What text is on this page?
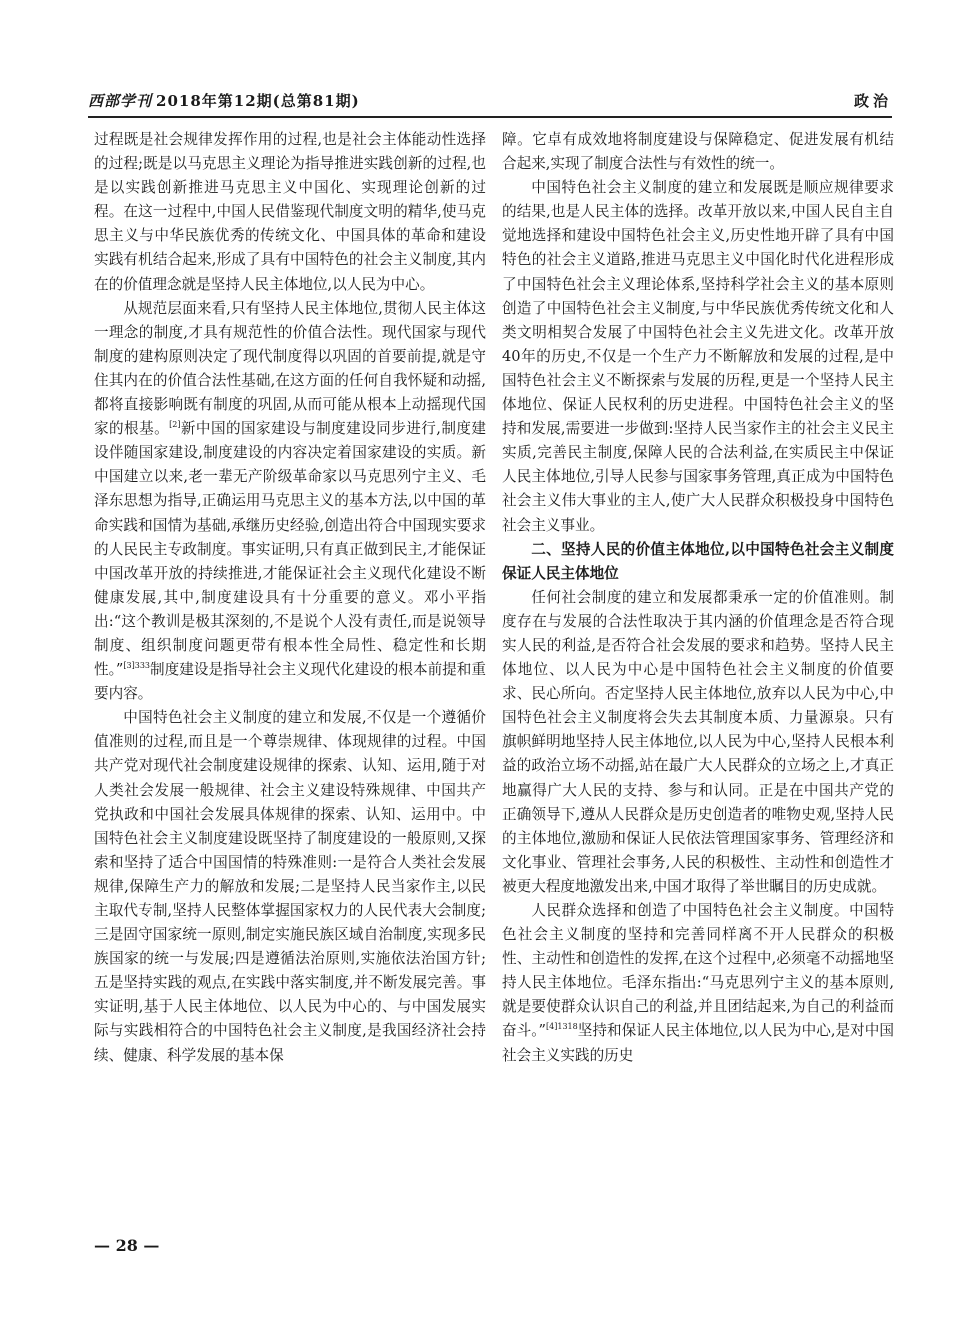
西部学刊 2018年第12期(总第81期)	政治

过程既是社会规律发挥作用的过程,也是社会主体能动性选择的过程;既是以马克思主义理论为指导推进实践创新的过程,也是以实践创新推进马克思主义中国化、实现理论创新的过程。在这一过程中,中国人民借鉴现代制度文明的精华,使马克思主义与中华民族优秀的传统文化、中国具体的革命和建设实践有机结合起来,形成了具有中国特色的社会主义制度,其内在的价值理念就是坚持人民主体地位,以人民为中心。

从规范层面来看,只有坚持人民主体地位,贯彻人民主体这一理念的制度,才具有规范性的价值合法性。现代国家与现代制度的建构原则决定了现代制度得以巩固的首要前提,就是守住其内在的价值合法性基础,在这方面的任何自我怀疑和动摇,都将直接影响既有制度的巩固,从而可能从根本上动摇现代国家的根基。[2]新中国的国家建设与制度建设同步进行,制度建设伴随国家建设,制度建设的内容决定着国家建设的实质。新中国建立以来,老一辈无产阶级革命家以马克思列宁主义、毛泽东思想为指导,正确运用马克思主义的基本方法,以中国的革命实践和国情为基础,承继历史经验,创造出符合中国现实要求的人民民主专政制度。事实证明,只有真正做到民主,才能保证中国改革开放的持续推进,才能保证社会主义现代化建设不断健康发展,其中,制度建设具有十分重要的意义。邓小平指出:“这个教训是极其深刻的,不是说个人没有责任,而是说领导制度、组织制度问题更带有根本性全局性、稳定性和长期性。”$^{[3]333}$制度建设是指导社会主义现代化建设的根本前提和重要内容。

中国特色社会主义制度的建立和发展,不仅是一个遵循价值准则的过程,而且是一个尊崇规律、体现规律的过程。中国共产党对现代社会制度建设规律的探索、认知、运用,随于对人类社会发展一般规律、社会主义建设特殊规律、中国共产党执政和中国社会发展具体规律的探索、认知、运用中。中国特色社会主义制度建设既坚持了制度建设的一般原则,又探索和坚持了适合中国国情的特殊准则:一是符合人类社会发展规律,保障生产力的解放和发展;二是坚持人民当家作主,以民主取代专制,坚持人民整体掌握国家权力的人民代表大会制度;三是固守国家统一原则,制定实施民族区域自治制度,实现多民族国家的统一与发展;四是遵循法治原则,实施依法治国方针;五是坚持实践的观点,在实践中落实制度,并不断发展完善。事实证明,基于人民主体地位、以人民为中心的、与中国发展实际与实践相符合的中国特色社会主义制度,是我国经济社会持续、健康、科学发展的基本保

障。它卓有成效地将制度建设与保障稳定、促进发展有机结合起来,实现了制度合法性与有效性的统一。

中国特色社会主义制度的建立和发展既是顺应规律要求的结果,也是人民主体的选择。改革开放以来,中国人民自主自觉地选择和建设中国特色社会主义,历史性地开辟了具有中国特色的社会主义道路,推进马克思主义中国化时代化进程形成了中国特色社会主义理论体系,坚持科学社会主义的基本原则创造了中国特色社会主义制度,与中华民族优秀传统文化和人类文明相契合发展了中国特色社会主义先进文化。改革开放40年的历史,不仅是一个生产力不断解放和发展的过程,是中国特色社会主义不断探索与发展的历程,更是一个坚持人民主体地位、保证人民权利的历史进程。中国特色社会主义的坚持和发展,需要进一步做到:坚持人民当家作主的社会主义民主实质,完善民主制度,保障人民的合法利益,在实质民主中保证人民主体地位,引导人民参与国家事务管理,真正成为中国特色社会主义伟大事业的主人,使广大人民群众积极投身中国特色社会主义事业。

二、坚持人民的价值主体地位,以中国特色社会主义制度保证人民主体地位

任何社会制度的建立和发展都秉承一定的价值准则。制度存在与发展的合法性取决于其内涵的价值理念是否符合现实人民的利益,是否符合社会发展的要求和趋势。坚持人民主体地位、以人民为中心是中国特色社会主义制度的价值要求、民心所向。否定坚持人民主体地位,放弃以人民为中心,中国特色社会主义制度将会失去其制度本质、力量源泉。只有旗帜鲜明地坚持人民主体地位,以人民为中心,坚持人民根本利益的政治立场不动摇,站在最广大人民群众的立场之上,才真正地赢得广大人民的支持、参与和认同。正是在中国共产党的正确领导下,遵从人民群众是历史创造者的唯物史观,坚持人民的主体地位,激励和保证人民依法管理国家事务、管理经济和文化事业、管理社会事务,人民的积极性、主动性和创造性才被更大程度地激发出来,中国才取得了举世瞩目的历史成就。

人民群众选择和创造了中国特色社会主义制度。中国特色社会主义制度的坚持和完善同样离不开人民群众的积极性、主动性和创造性的发挥,在这个过程中,必须毫不动摇地坚持人民主体地位。毛泽东指出:“马克思列宁主义的基本原则,就是要使群众认识自己的利益,并且团结起来,为自己的利益而奋斗。”$^{[4]1318}$坚持和保证人民主体地位,以人民为中心,是对中国社会主义实践的历史

— 28 —
